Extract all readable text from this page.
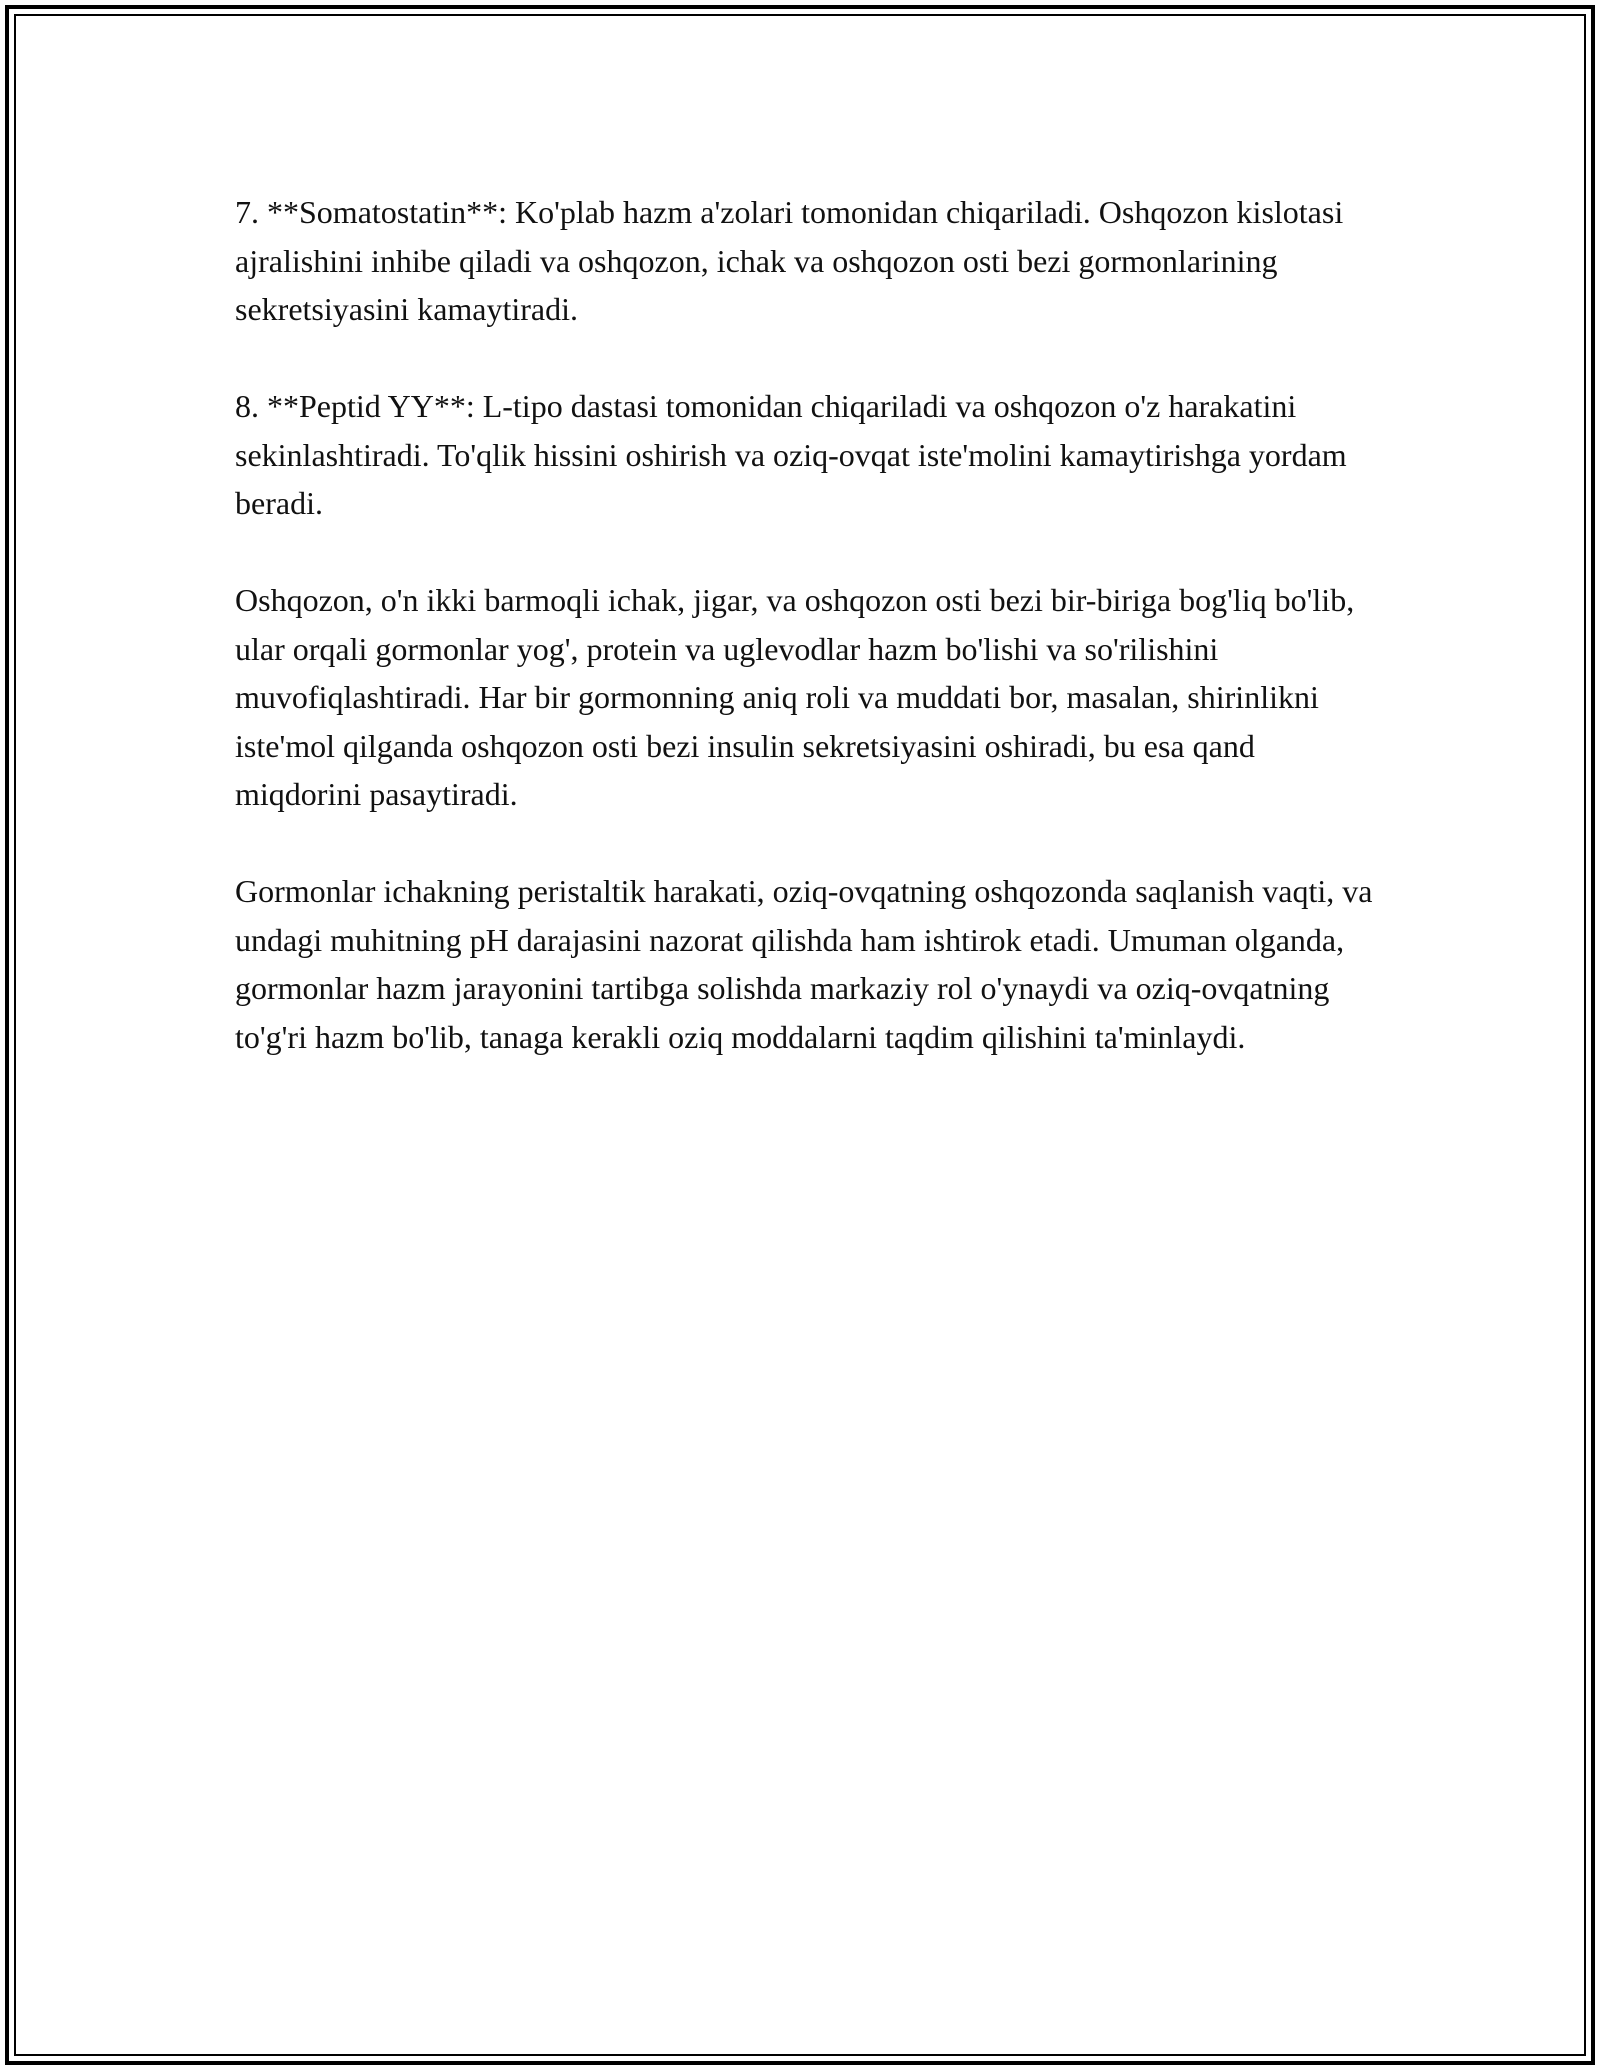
7. **Somatostatin**: Ko'plab hazm a'zolari tomonidan chiqariladi. Oshqozon kislotasi ajralishini inhibe qiladi va oshqozon, ichak va oshqozon osti bezi gormonlarining sekretsiyasini kamaytiradi.

8. **Peptid YY**: L-tipo dastasi tomonidan chiqariladi va oshqozon o'z harakatini sekinlashtiradi. To'qlik hissini oshirish va oziq-ovqat iste'molini kamaytirishga yordam beradi.

Oshqozon, o'n ikki barmoqli ichak, jigar, va oshqozon osti bezi bir-biriga bog'liq bo'lib, ular orqali gormonlar yog', protein va uglevodlar hazm bo'lishi va so'rilishini muvofiqlashtiradi. Har bir gormonning aniq roli va muddati bor, masalan, shirinlikni iste'mol qilganda oshqozon osti bezi insulin sekretsiyasini oshiradi, bu esa qand miqdorini pasaytiradi.

Gormonlar ichakning peristaltik harakati, oziq-ovqatning oshqozonda saqlanish vaqti, va undagi muhitning pH darajasini nazorat qilishda ham ishtirok etadi. Umuman olganda, gormonlar hazm jarayonini tartibga solishda markaziy rol o'ynaydi va oziq-ovqatning to'g'ri hazm bo'lib, tanaga kerakli oziq moddalarni taqdim qilishini ta'minlaydi.
